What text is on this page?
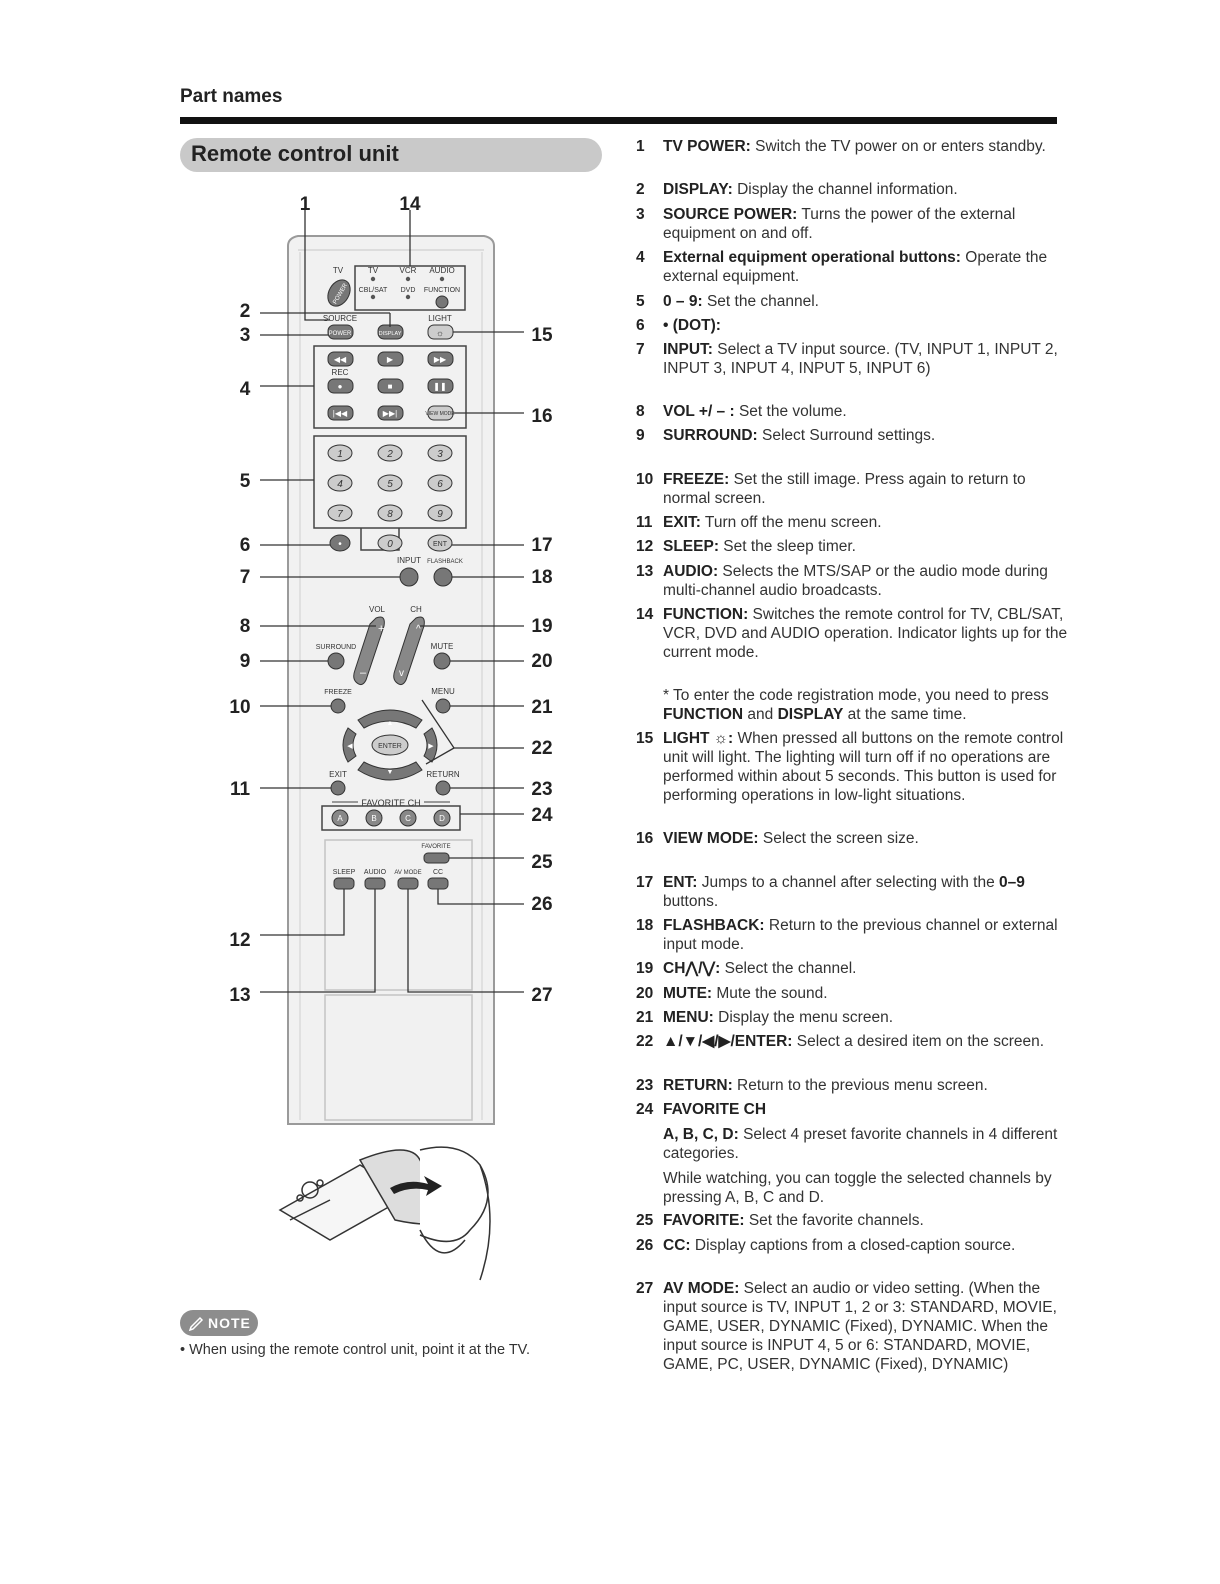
Part names
Remote control unit
TV	TV	VCR AUDIO
CBL/SAT DVD FUNCTION
POWER
SOURCE	LIGHT
POWER	DISPLAY	☼
VIEW MODE
REC
◀◀	▶	▶▶
●	■	❚❚
|◀◀	▶▶|
1	2	3
4	5	6
7	8	9
•	0	ENT
INPUT FLASHBACK
VOL	CH
+
–
^
v
SURROUND	MUTE
FREEZE	MENU
▲
▼
◀	▶
ENTER
EXIT	RETURN
FAVORITE CH
A	B	C	D
FAVORITE
SLEEP AUDIO AV MODE CC
1	14
2
3	15
4
16
5
6	17
7	18
8	19
9	20
10	21
22
11	23
24
25
26
12
13	27
NOTE
• When using the remote control unit, point it at the TV.
1	TV POWER: Switch the TV power on or enters standby.
2	DISPLAY: Display the channel information.
3	SOURCE POWER: Turns the power of the external equipment on and off.
4	External equipment operational buttons: Operate the external equipment.
5	0 – 9: Set the channel.
6	• (DOT):
7	INPUT: Select a TV input source. (TV, INPUT 1, INPUT 2, INPUT 3, INPUT 4, INPUT 5, INPUT 6)
8	VOL +/ – : Set the volume.
9	SURROUND: Select Surround settings.
10 FREEZE: Set the still image. Press again to return to normal screen.
11 EXIT: Turn off the menu screen.
12 SLEEP: Set the sleep timer.
13 AUDIO: Selects the MTS/SAP or the audio mode during multi-channel audio broadcasts.
14 FUNCTION: Switches the remote control for TV, CBL/SAT, VCR, DVD and AUDIO operation. Indicator lights up for the current mode.
* To enter the code registration mode, you need to press FUNCTION and DISPLAY at the same time.
15 LIGHT ☼: When pressed all buttons on the remote control unit will light. The lighting will turn off if no operations are performed within about 5 seconds. This button is used for performing operations in low-light situations.
16 VIEW MODE: Select the screen size.
17 ENT: Jumps to a channel after selecting with the 0–9 buttons.
18 FLASHBACK: Return to the previous channel or external input mode.
19 CH⋀/⋁: Select the channel.
20 MUTE: Mute the sound.
21 MENU: Display the menu screen.
22 ▲/▼/◀/▶/ENTER: Select a desired item on the screen.
23 RETURN: Return to the previous menu screen.
24 FAVORITE CH
A, B, C, D: Select 4 preset favorite channels in 4 different categories.
While watching, you can toggle the selected channels by pressing A, B, C and D.
25 FAVORITE: Set the favorite channels.
26 CC: Display captions from a closed-caption source.
27 AV MODE: Select an audio or video setting. (When the input source is TV, INPUT 1, 2 or 3: STANDARD, MOVIE, GAME, USER, DYNAMIC (Fixed), DYNAMIC. When the input source is INPUT 4, 5 or 6: STANDARD, MOVIE, GAME, PC, USER, DYNAMIC (Fixed), DYNAMIC)
